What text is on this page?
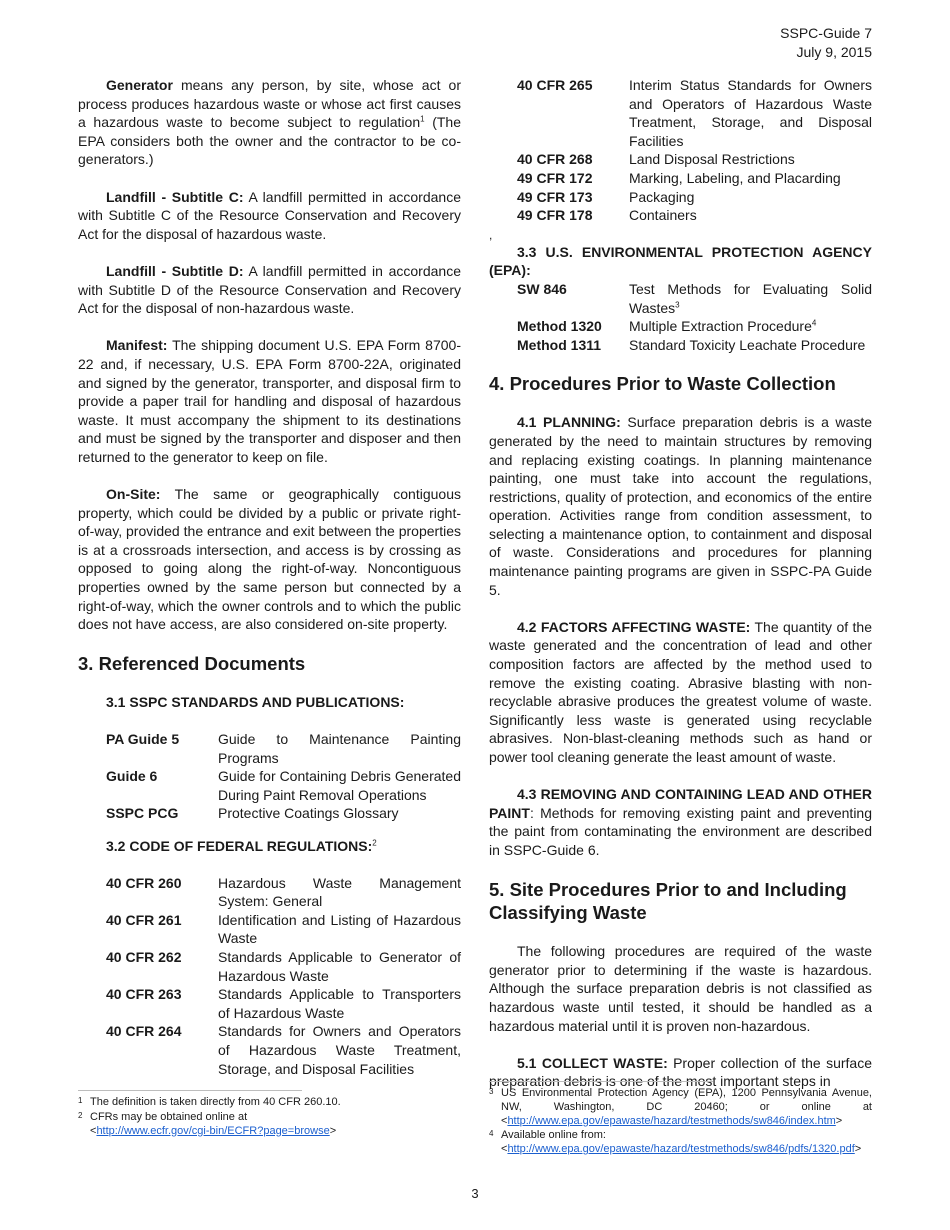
SSPC-Guide 7
July 9, 2015

Generator means any person, by site, whose act or process produces hazardous waste or whose act first causes a hazardous waste to become subject to regulation$^1$ (The EPA considers both the owner and the contractor to be co-generators.)

Landfill - Subtitle C: A landfill permitted in accordance with Subtitle C of the Resource Conservation and Recovery Act for the disposal of hazardous waste.

Landfill - Subtitle D: A landfill permitted in accordance with Subtitle D of the Resource Conservation and Recovery Act for the disposal of non-hazardous waste.

Manifest: The shipping document U.S. EPA Form 8700-22 and, if necessary, U.S. EPA Form 8700-22A, originated and signed by the generator, transporter, and disposal firm to provide a paper trail for handling and disposal of hazardous waste. It must accompany the shipment to its destinations and must be signed by the transporter and disposer and then returned to the generator to keep on file.

On-Site: The same or geographically contiguous property, which could be divided by a public or private right-of-way, provided the entrance and exit between the properties is at a crossroads intersection, and access is by crossing as opposed to going along the right-of-way. Noncontiguous properties owned by the same person but connected by a right-of-way, which the owner controls and to which the public does not have access, are also considered on-site property.

3. Referenced Documents
3.1 SSPC STANDARDS AND PUBLICATIONS:
PA Guide 5	Guide to Maintenance Painting Programs
Guide 6	Guide for Containing Debris Generated During Paint Removal Operations
SSPC PCG	Protective Coatings Glossary
3.2 CODE OF FEDERAL REGULATIONS:$^2$
40 CFR 260	Hazardous Waste Management System: General
40 CFR 261	Identification and Listing of Hazardous Waste
40 CFR 262	Standards Applicable to Generator of Hazardous Waste
40 CFR 263	Standards Applicable to Transporters of Hazardous Waste
40 CFR 264	Standards for Owners and Operators of Hazardous Waste Treatment, Storage, and Disposal Facilities
1 The definition is taken directly from 40 CFR 260.10.
2 CFRs may be obtained online at
<http://www.ecfr.gov/cgi-bin/ECFR?page=browse>
40 CFR 265	Interim Status Standards for Owners and Operators of Hazardous Waste Treatment, Storage, and Disposal Facilities
40 CFR 268	Land Disposal Restrictions
49 CFR 172	Marking, Labeling, and Placarding
49 CFR 173	Packaging
49 CFR 178	Containers
,

3.3 U.S. ENVIRONMENTAL PROTECTION AGENCY (EPA):

SW 846	Test Methods for Evaluating Solid Wastes$^3$
Method 1320	Multiple Extraction Procedure$^4$
Method 1311	Standard Toxicity Leachate Procedure
4. Procedures Prior to Waste Collection

4.1 PLANNING: Surface preparation debris is a waste generated by the need to maintain structures by removing and replacing existing coatings. In planning maintenance painting, one must take into account the regulations, restrictions, quality of protection, and economics of the entire operation. Activities range from condition assessment, to selecting a maintenance option, to containment and disposal of waste. Considerations and procedures for planning maintenance painting programs are given in SSPC-PA Guide 5.

4.2 FACTORS AFFECTING WASTE: The quantity of the waste generated and the concentration of lead and other composition factors are affected by the method used to remove the existing coating. Abrasive blasting with non-recyclable abrasive produces the greatest volume of waste. Significantly less waste is generated using recyclable abrasives. Non-blast-cleaning methods such as hand or power tool cleaning generate the least amount of waste.

4.3 REMOVING AND CONTAINING LEAD AND OTHER PAINT: Methods for removing existing paint and preventing the paint from contaminating the environment are described in SSPC-Guide 6.

5. Site Procedures Prior to and Including Classifying Waste

The following procedures are required of the waste generator prior to determining if the waste is hazardous. Although the surface preparation debris is not classified as hazardous waste until tested, it should be handled as a hazardous material until it is proven non-hazardous.

5.1 COLLECT WASTE: Proper collection of the surface preparation debris is one of the most important steps in

3 US Environmental Protection Agency (EPA), 1200 Pennsylvania Avenue, NW, Washington, DC 20460; or online at <http://www.epa.gov/epawaste/hazard/testmethods/sw846/index.htm>
4 Available online from: <http://www.epa.gov/epawaste/hazard/testmethods/sw846/pdfs/1320.pdf>
3
